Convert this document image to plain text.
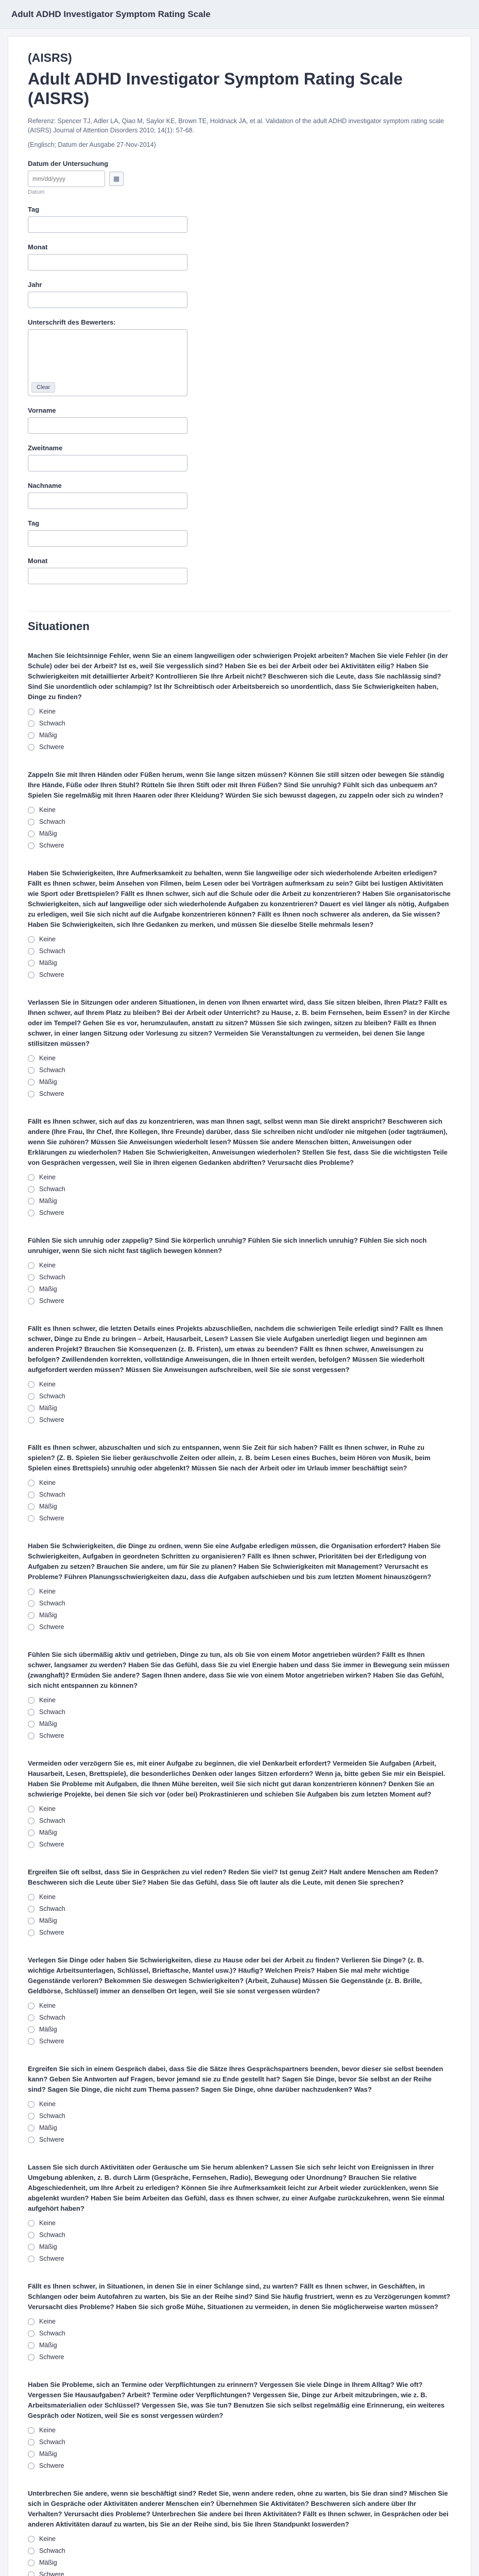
Adult ADHD Investigator Symptom Rating Scale
(AISRS)
Adult ADHD Investigator Symptom Rating Scale (AISRS)

Referenz: Spencer TJ, Adler LA, Qiao M, Saylor KE, Brown TE, Holdnack JA, et al. Validation of the adult ADHD investigator symptom rating scale (AISRS) Journal of Attention Disorders 2010; 14(1): 57-68.

(Englisch; Datum der Ausgabe 27-Nov-2014)

Datum der Untersuchung
mm/dd/yyyy
▦
Datum
Tag
Monat
Jahr
Unterschrift des Bewerters:
Clear
Vorname
Zweitname
Nachname
Tag
Monat
Situationen
Machen Sie leichtsinnige Fehler, wenn Sie an einem langweiligen oder schwierigen Projekt arbeiten? Machen Sie viele Fehler (in der Schule) oder bei der Arbeit? Ist es, weil Sie vergesslich sind? Haben Sie es bei der Arbeit oder bei Aktivitäten eilig? Haben Sie Schwierigkeiten mit detaillierter Arbeit? Kontrollieren Sie Ihre Arbeit nicht? Beschweren sich die Leute, dass Sie nachlässig sind? Sind Sie unordentlich oder schlampig? Ist Ihr Schreibtisch oder Arbeitsbereich so unordentlich, dass Sie Schwierigkeiten haben, Dinge zu finden?
Keine
Schwach
Mäßig
Schwere
Zappeln Sie mit Ihren Händen oder Füßen herum, wenn Sie lange sitzen müssen? Können Sie still sitzen oder bewegen Sie ständig Ihre Hände, Füße oder Ihren Stuhl? Rütteln Sie Ihren Stift oder mit Ihren Füßen? Sind Sie unruhig? Fühlt sich das unbequem an? Spielen Sie regelmäßig mit Ihren Haaren oder Ihrer Kleidung? Würden Sie sich bewusst dagegen, zu zappeln oder sich zu winden?
Keine
Schwach
Mäßig
Schwere
Haben Sie Schwierigkeiten, Ihre Aufmerksamkeit zu behalten, wenn Sie langweilige oder sich wiederholende Arbeiten erledigen? Fällt es Ihnen schwer, beim Ansehen von Filmen, beim Lesen oder bei Vorträgen aufmerksam zu sein? Gibt bei lustigen Aktivitäten wie Sport oder Brettspielen? Fällt es Ihnen schwer, sich auf die Schule oder die Arbeit zu konzentrieren? Haben Sie organisatorische Schwierigkeiten, sich auf langweilige oder sich wiederholende Aufgaben zu konzentrieren? Dauert es viel länger als nötig, Aufgaben zu erledigen, weil Sie sich nicht auf die Aufgabe konzentrieren können? Fällt es Ihnen noch schwerer als anderen, da Sie wissen? Haben Sie Schwierigkeiten, sich Ihre Gedanken zu merken, und müssen Sie dieselbe Stelle mehrmals lesen?
Keine
Schwach
Mäßig
Schwere
Verlassen Sie in Sitzungen oder anderen Situationen, in denen von Ihnen erwartet wird, dass Sie sitzen bleiben, Ihren Platz? Fällt es Ihnen schwer, auf Ihrem Platz zu bleiben? Bei der Arbeit oder Unterricht? zu Hause, z. B. beim Fernsehen, beim Essen? in der Kirche oder im Tempel? Gehen Sie es vor, herumzulaufen, anstatt zu sitzen? Müssen Sie sich zwingen, sitzen zu bleiben? Fällt es Ihnen schwer, in einer langen Sitzung oder Vorlesung zu sitzen? Vermeiden Sie Veranstaltungen zu vermeiden, bei denen Sie lange stillsitzen müssen?
Keine
Schwach
Mäßig
Schwere
Fällt es Ihnen schwer, sich auf das zu konzentrieren, was man Ihnen sagt, selbst wenn man Sie direkt anspricht? Beschweren sich andere (Ihre Frau, Ihr Chef, Ihre Kollegen, Ihre Freunde) darüber, dass Sie schreiben nicht und/oder nie mitgehen (oder tagträumen), wenn Sie zuhören? Müssen Sie Anweisungen wiederholt lesen? Müssen Sie andere Menschen bitten, Anweisungen oder Erklärungen zu wiederholen? Haben Sie Schwierigkeiten, Anweisungen wiederholen? Stellen Sie fest, dass Sie die wichtigsten Teile von Gesprächen vergessen, weil Sie in Ihren eigenen Gedanken abdriften? Verursacht dies Probleme?
Keine
Schwach
Mäßig
Schwere
Fühlen Sie sich unruhig oder zappelig? Sind Sie körperlich unruhig? Fühlen Sie sich innerlich unruhig? Fühlen Sie sich noch unruhiger, wenn Sie sich nicht fast täglich bewegen können?
Keine
Schwach
Mäßig
Schwere
Fällt es Ihnen schwer, die letzten Details eines Projekts abzuschließen, nachdem die schwierigen Teile erledigt sind? Fällt es Ihnen schwer, Dinge zu Ende zu bringen – Arbeit, Hausarbeit, Lesen? Lassen Sie viele Aufgaben unerledigt liegen und beginnen am anderen Projekt? Brauchen Sie Konsequenzen (z. B. Fristen), um etwas zu beenden? Fällt es Ihnen schwer, Anweisungen zu befolgen? Zwillendenden korrekten, vollständige Anweisungen, die in Ihnen erteilt werden, befolgen? Müssen Sie wiederholt aufgefordert werden müssen? Müssen Sie Anweisungen aufschreiben, weil Sie sie sonst vergessen?
Keine
Schwach
Mäßig
Schwere
Fällt es Ihnen schwer, abzuschalten und sich zu entspannen, wenn Sie Zeit für sich haben? Fällt es Ihnen schwer, in Ruhe zu spielen? (Z. B. Spielen Sie lieber geräuschvolle Zeiten oder allein, z. B. beim Lesen eines Buches, beim Hören von Musik, beim Spielen eines Brettspiels) unruhig oder abgelenkt? Müssen Sie nach der Arbeit oder im Urlaub immer beschäftigt sein?
Keine
Schwach
Mäßig
Schwere
Haben Sie Schwierigkeiten, die Dinge zu ordnen, wenn Sie eine Aufgabe erledigen müssen, die Organisation erfordert? Haben Sie Schwierigkeiten, Aufgaben in geordneten Schritten zu organisieren? Fällt es Ihnen schwer, Prioritäten bei der Erledigung von Aufgaben zu setzen? Brauchen Sie andere, um für Sie zu planen? Haben Sie Schwierigkeiten mit Management? Verursacht es Probleme? Führen Planungsschwierigkeiten dazu, dass die Aufgaben aufschieben und bis zum letzten Moment hinauszögern?
Keine
Schwach
Mäßig
Schwere
Fühlen Sie sich übermäßig aktiv und getrieben, Dinge zu tun, als ob Sie von einem Motor angetrieben würden? Fällt es Ihnen schwer, langsamer zu werden? Haben Sie das Gefühl, dass Sie zu viel Energie haben und dass Sie immer in Bewegung sein müssen (zwanghaft)? Ermüden Sie andere? Sagen Ihnen andere, dass Sie wie von einem Motor angetrieben wirken? Haben Sie das Gefühl, sich nicht entspannen zu können?
Keine
Schwach
Mäßig
Schwere
Vermeiden oder verzögern Sie es, mit einer Aufgabe zu beginnen, die viel Denkarbeit erfordert? Vermeiden Sie Aufgaben (Arbeit, Hausarbeit, Lesen, Brettspiele), die besonderliches Denken oder langes Sitzen erfordern? Wenn ja, bitte geben Sie mir ein Beispiel. Haben Sie Probleme mit Aufgaben, die Ihnen Mühe bereiten, weil Sie sich nicht gut daran konzentrieren können? Denken Sie an schwierige Projekte, bei denen Sie sich vor (oder bei) Prokrastinieren und schieben Sie Aufgaben bis zum letzten Moment auf?
Keine
Schwach
Mäßig
Schwere
Ergreifen Sie oft selbst, dass Sie in Gesprächen zu viel reden? Reden Sie viel? Ist genug Zeit? Halt andere Menschen am Reden? Beschweren sich die Leute über Sie? Haben Sie das Gefühl, dass Sie oft lauter als die Leute, mit denen Sie sprechen?
Keine
Schwach
Mäßig
Schwere
Verlegen Sie Dinge oder haben Sie Schwierigkeiten, diese zu Hause oder bei der Arbeit zu finden? Verlieren Sie Dinge? (z. B. wichtige Arbeitsunterlagen, Schlüssel, Brieftasche, Mantel usw.)? Häufig? Welchen Preis? Haben Sie mal mehr wichtige Gegenstände verloren? Bekommen Sie deswegen Schwierigkeiten? (Arbeit, Zuhause) Müssen Sie Gegenstände (z. B. Brille, Geldbörse, Schlüssel) immer an denselben Ort legen, weil Sie sie sonst vergessen würden?
Keine
Schwach
Mäßig
Schwere
Ergreifen Sie sich in einem Gespräch dabei, dass Sie die Sätze Ihres Gesprächspartners beenden, bevor dieser sie selbst beenden kann? Geben Sie Antworten auf Fragen, bevor jemand sie zu Ende gestellt hat? Sagen Sie Dinge, bevor Sie selbst an der Reihe sind? Sagen Sie Dinge, die nicht zum Thema passen? Sagen Sie Dinge, ohne darüber nachzudenken? Was?
Keine
Schwach
Mäßig
Schwere
Lassen Sie sich durch Aktivitäten oder Geräusche um Sie herum ablenken? Lassen Sie sich sehr leicht von Ereignissen in Ihrer Umgebung ablenken, z. B. durch Lärm (Gespräche, Fernsehen, Radio), Bewegung oder Unordnung? Brauchen Sie relative Abgeschiedenheit, um Ihre Arbeit zu erledigen? Können Sie ihre Aufmerksamkeit leicht zur Arbeit wieder zurücklenken, wenn Sie abgelenkt wurden? Haben Sie beim Arbeiten das Gefühl, dass es Ihnen schwer, zu einer Aufgabe zurückzukehren, wenn Sie einmal aufgehört haben?
Keine
Schwach
Mäßig
Schwere
Fällt es Ihnen schwer, in Situationen, in denen Sie in einer Schlange sind, zu warten? Fällt es Ihnen schwer, in Geschäften, in Schlangen oder beim Autofahren zu warten, bis Sie an der Reihe sind? Sind Sie häufig frustriert, wenn es zu Verzögerungen kommt? Verursacht dies Probleme? Haben Sie sich große Mühe, Situationen zu vermeiden, in denen Sie möglicherweise warten müssen?
Keine
Schwach
Mäßig
Schwere
Haben Sie Probleme, sich an Termine oder Verpflichtungen zu erinnern? Vergessen Sie viele Dinge in Ihrem Alltag? Wie oft? Vergessen Sie Hausaufgaben? Arbeit? Termine oder Verpflichtungen? Vergessen Sie, Dinge zur Arbeit mitzubringen, wie z. B. Arbeitsmaterialien oder Schlüssel? Vergessen Sie, was Sie tun? Benutzen Sie sich selbst regelmäßig eine Erinnerung, ein weiteres Gespräch oder Notizen, weil Sie es sonst vergessen würden?
Keine
Schwach
Mäßig
Schwere
Unterbrechen Sie andere, wenn sie beschäftigt sind? Redet Sie, wenn andere reden, ohne zu warten, bis Sie dran sind? Mischen Sie sich in Gespräche oder Aktivitäten anderer Menschen ein? Übernehmen Sie Aktivitäten? Beschweren sich andere über Ihr Verhalten? Verursacht dies Probleme? Unterbrechen Sie andere bei Ihren Aktivitäten? Fällt es Ihnen schwer, in Gesprächen oder bei anderen Aktivitäten darauf zu warten, bis Sie an der Reihe sind, bis Sie Ihren Standpunkt loswerden?
Keine
Schwach
Mäßig
Schwere
